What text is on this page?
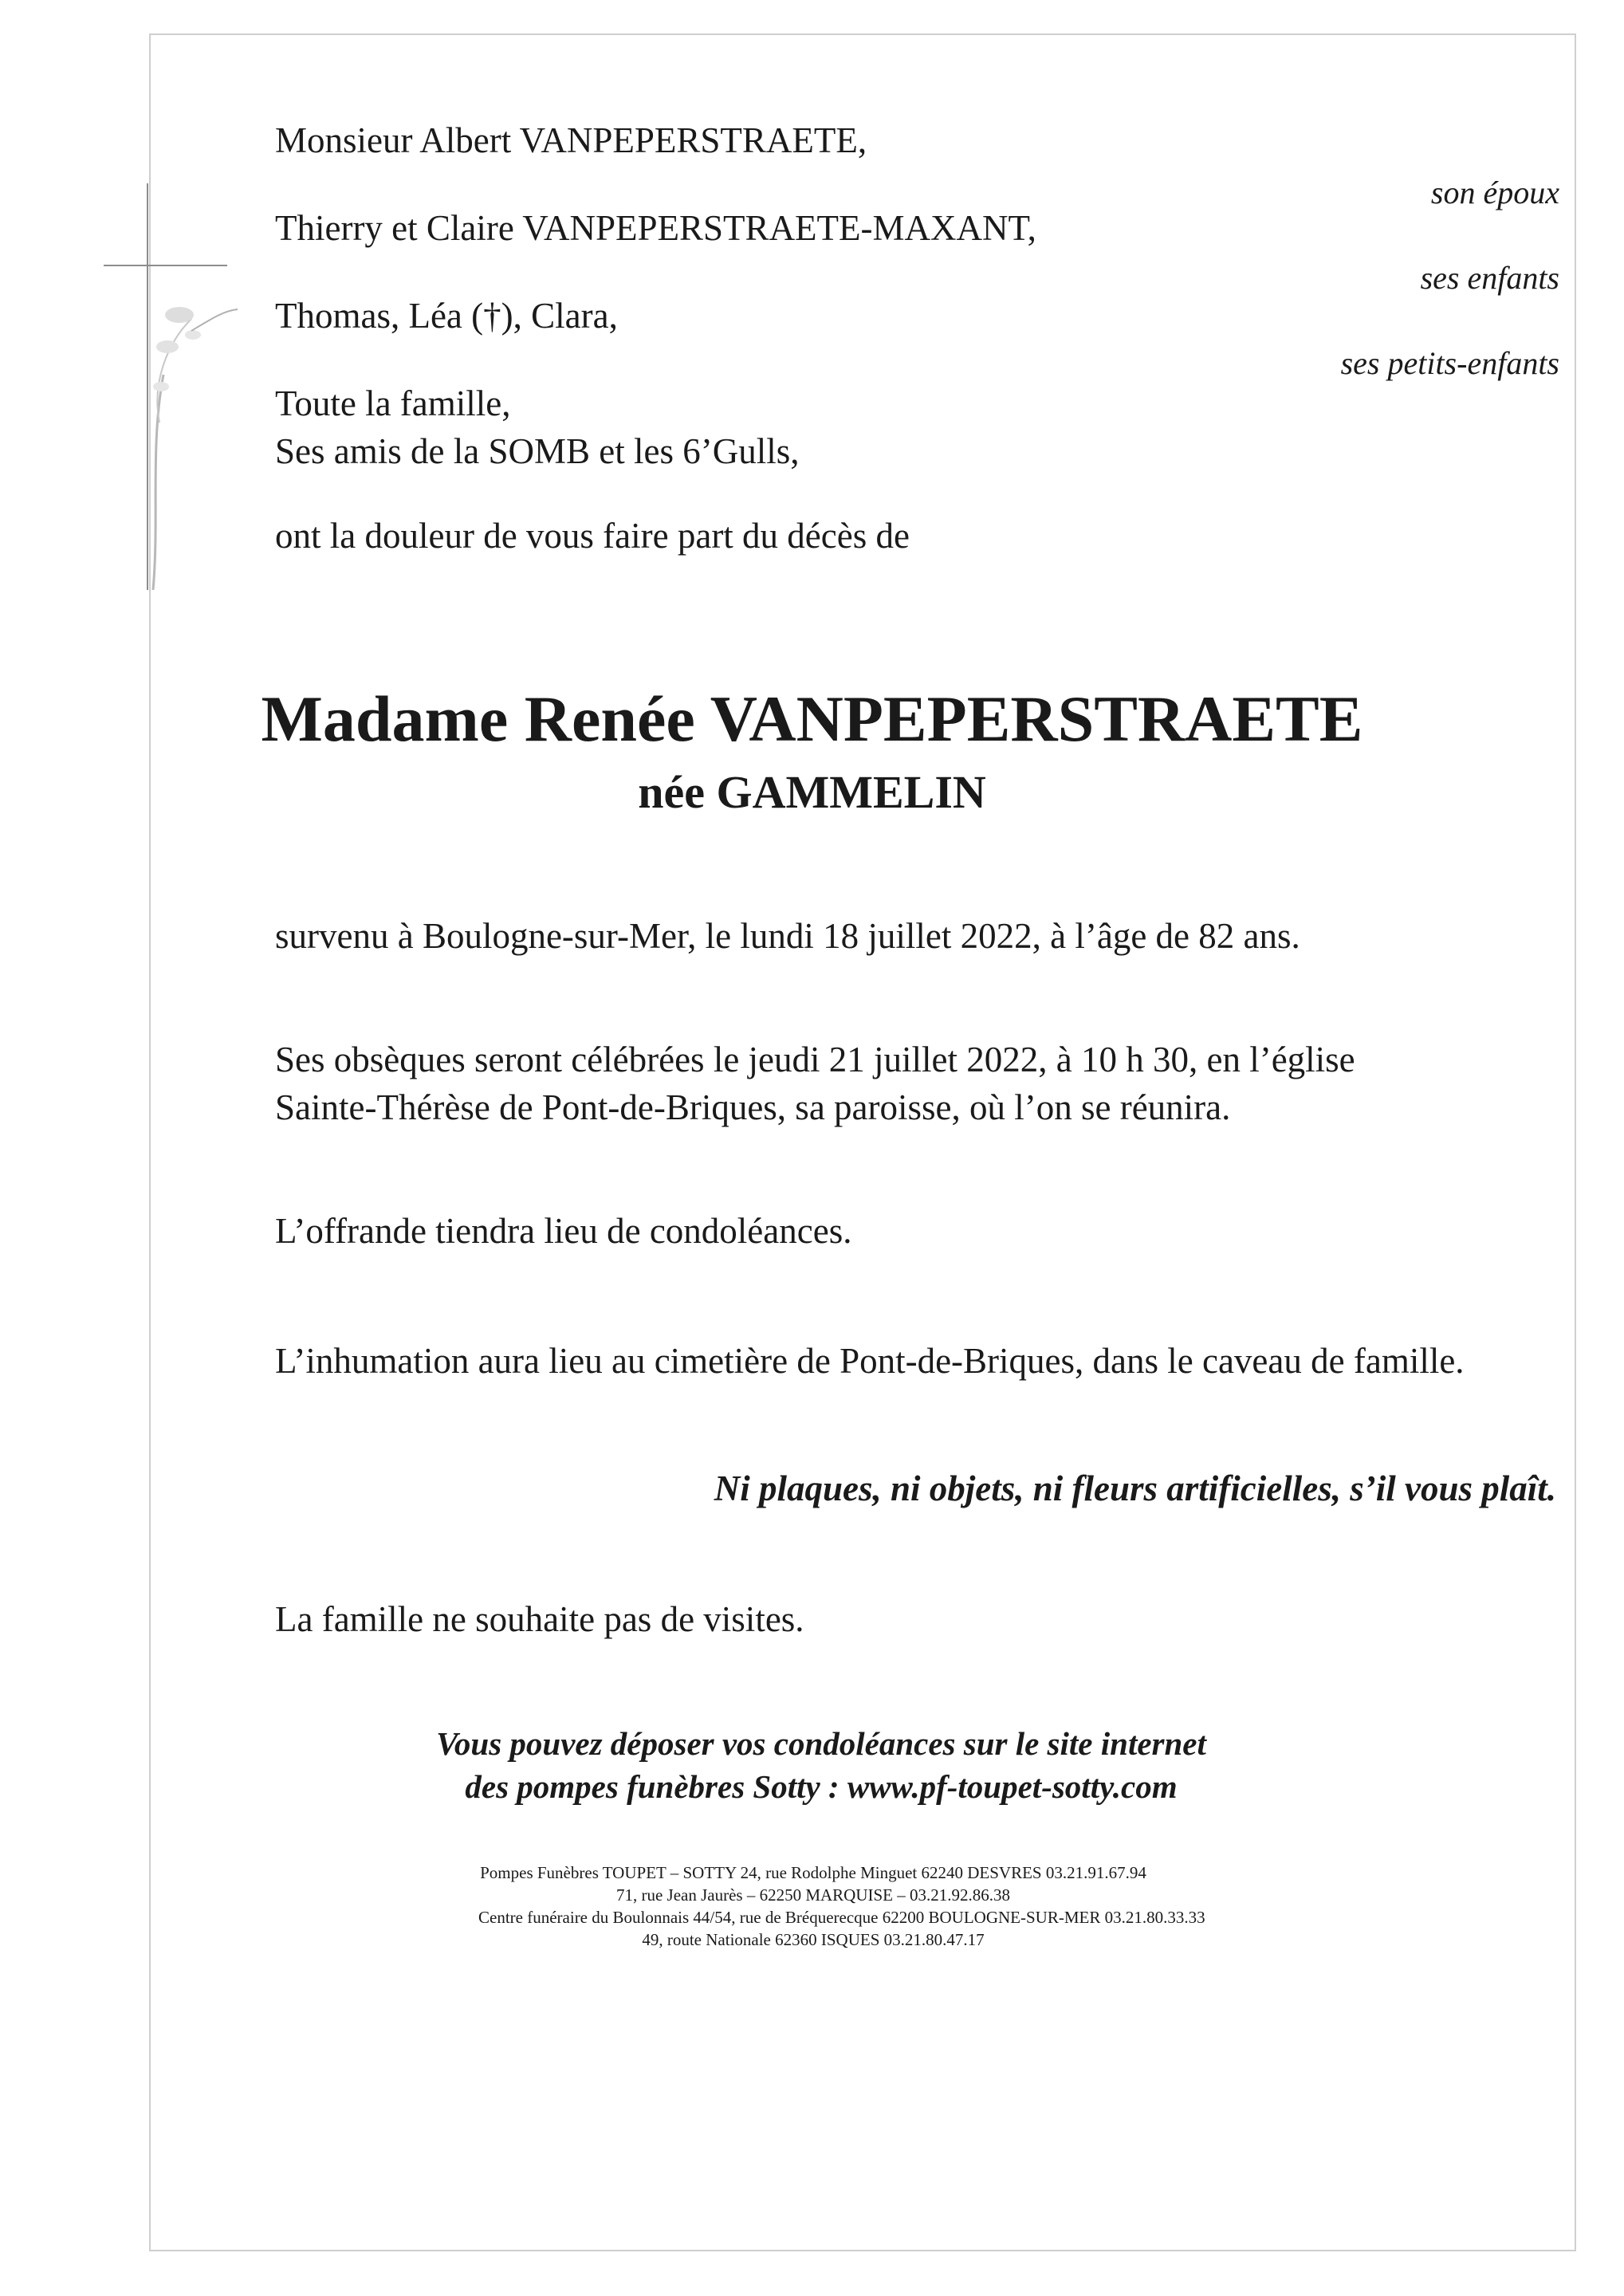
Monsieur Albert VANPEPERSTRAETE,
Thierry et Claire VANPEPERSTRAETE-MAXANT,
Thomas, Léa (†), Clara,
Toute la famille,
Ses amis de la SOMB et les 6’Gulls,
ont la douleur de vous faire part du décès de
son époux
ses enfants
ses petits-enfants
Madame Renée VANPEPERSTRAETE
née GAMMELIN
survenu à Boulogne-sur-Mer, le lundi 18 juillet 2022, à l’âge de 82 ans.
Ses obsèques seront célébrées le jeudi 21 juillet 2022, à 10 h 30, en l’église
Sainte-Thérèse de Pont-de-Briques, sa paroisse, où l’on se réunira.
L’offrande tiendra lieu de condoléances.
L’inhumation aura lieu au cimetière de Pont-de-Briques, dans le caveau de famille.
Ni plaques, ni objets, ni fleurs artificielles, s’il vous plaît.
La famille ne souhaite pas de visites.
Vous pouvez déposer vos condoléances sur le site internet
des pompes funèbres Sotty : www.pf-toupet-sotty.com
Pompes Funèbres TOUPET – SOTTY 24, rue Rodolphe Minguet 62240 DESVRES 03.21.91.67.94
71, rue Jean Jaurès – 62250 MARQUISE – 03.21.92.86.38
Centre funéraire du Boulonnais 44/54, rue de Bréquerecque 62200 BOULOGNE-SUR-MER 03.21.80.33.33
49, route Nationale 62360 ISQUES 03.21.80.47.17
